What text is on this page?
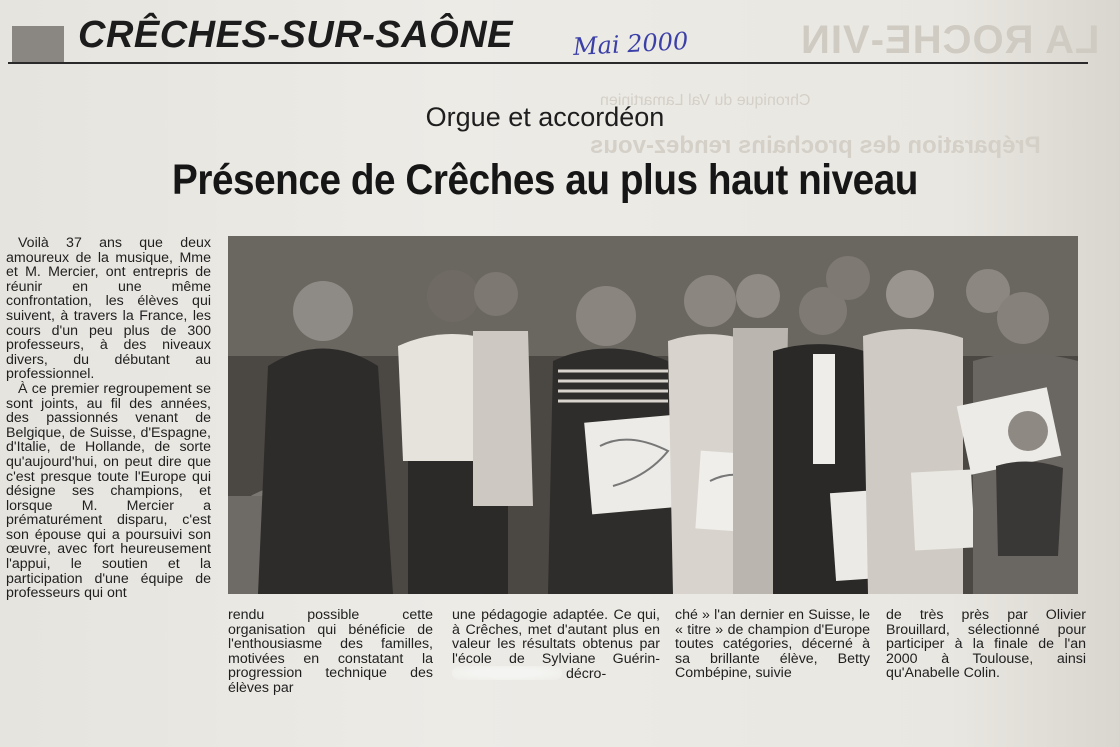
LA ROCHE-VIN
Chronique du Val Lamartinien
Préparation des prochains rendez-vous
CRÊCHES-SUR-SAÔNE Mai 2000
Orgue et accordéon
Présence de Crêches au plus haut niveau

Voilà 37 ans que deux amoureux de la musique, Mme et M. Mercier, ont entrepris de réunir en une même confrontation, les élèves qui suivent, à travers la France, les cours d'un peu plus de 300 professeurs, à des niveaux divers, du débutant au professionnel.

À ce premier regroupement se sont joints, au fil des années, des passionnés venant de Belgique, de Suisse, d'Espagne, d'Italie, de Hollande, de sorte qu'aujourd'hui, on peut dire que c'est presque toute l'Europe qui désigne ses champions, et lorsque M. Mercier a prématurément disparu, c'est son épouse qui a poursuivi son œuvre, avec fort heureusement l'appui, le soutien et la participation d'une équipe de professeurs qui ont

rendu possible cette organisation qui bénéficie de l'enthousiasme des familles, motivées en constatant la progression technique des élèves par

une pédagogie adaptée. Ce qui, à Crêches, met d'autant plus en valeur les résultats obtenus par l'école de Sylviane Guérin- décro-

ché » l'an dernier en Suisse, le « titre » de champion d'Europe toutes catégories, décerné à sa brillante élève, Betty Combépine, suivie

de très près par Olivier Brouillard, sélectionné pour participer à la finale de l'an 2000 à Toulouse, ainsi qu'Anabelle Colin.
